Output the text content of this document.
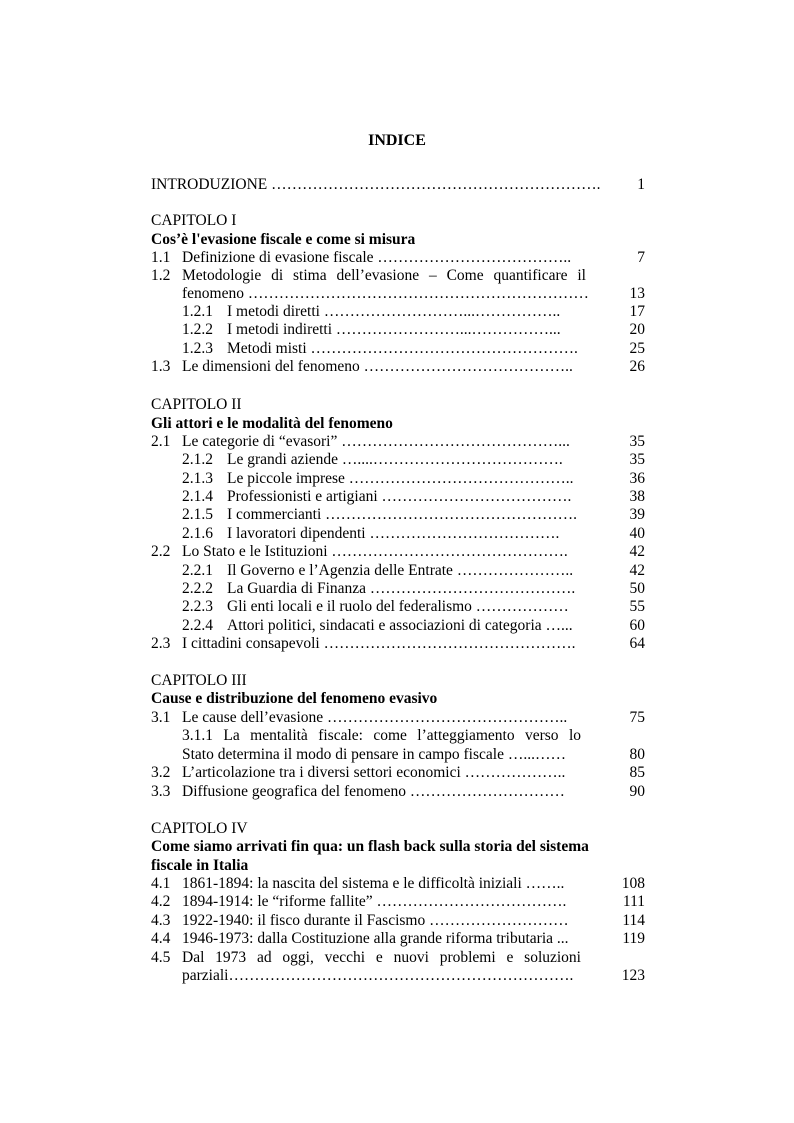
INDICE
INTRODUZIONE ………………………………………………………. 1
CAPITOLO I
Cos’è l'evasione fiscale e come si misura
1.1 Definizione di evasione fiscale ………………………………..	7
1.2 Metodologie di stima dell’evasione – Come quantificare il
fenomeno …………………………………………………………	13
1.2.1 I metodi diretti ………………………...……………..	17
1.2.2 I metodi indiretti ……………………...……………...	20
1.2.3 Metodi misti …………………………………………….	25
1.3 Le dimensioni del fenomeno …………………………………..	26
CAPITOLO II
Gli attori e le modalità del fenomeno
2.1 Le categorie di “evasori” ……………………………………...	35
2.1.2 Le grandi aziende …....……………………………….	35
2.1.3 Le piccole imprese ……………………………………..	36
2.1.4 Professionisti e artigiani ……………………………….	38
2.1.5 I commercianti ………………………………………….	39
2.1.6 I lavoratori dipendenti ……………………………….	40
2.2 Lo Stato e le Istituzioni ……………………………………….	42
2.2.1 Il Governo e l’Agenzia delle Entrate …………………..	42
2.2.2 La Guardia di Finanza ………………………………….	50
2.2.3 Gli enti locali e il ruolo del federalismo ………………	55
2.2.4 Attori politici, sindacati e associazioni di categoria …...	60
2.3 I cittadini consapevoli ………………………………………….	64
CAPITOLO III
Cause e distribuzione del fenomeno evasivo
3.1 Le cause dell’evasione ………………………………………..	75
3.1.1 La mentalità fiscale: come l’atteggiamento verso lo
Stato determina il modo di pensare in campo fiscale …...……	80
3.2 L’articolazione tra i diversi settori economici ………………..	85
3.3 Diffusione geografica del fenomeno …………………………	90
CAPITOLO IV
Come siamo arrivati fin qua: un flash back sulla storia del sistema
fiscale in Italia
4.1 1861-1894: la nascita del sistema e le difficoltà iniziali ……..	108
4.2 1894-1914: le “riforme fallite” ……………………………….	111
4.3 1922-1940: il fisco durante il Fascismo ………………………	114
4.4 1946-1973: dalla Costituzione alla grande riforma tributaria ...	119
4.5 Dal 1973 ad oggi, vecchi e nuovi problemi e soluzioni
parziali………………………………………………………….	123
